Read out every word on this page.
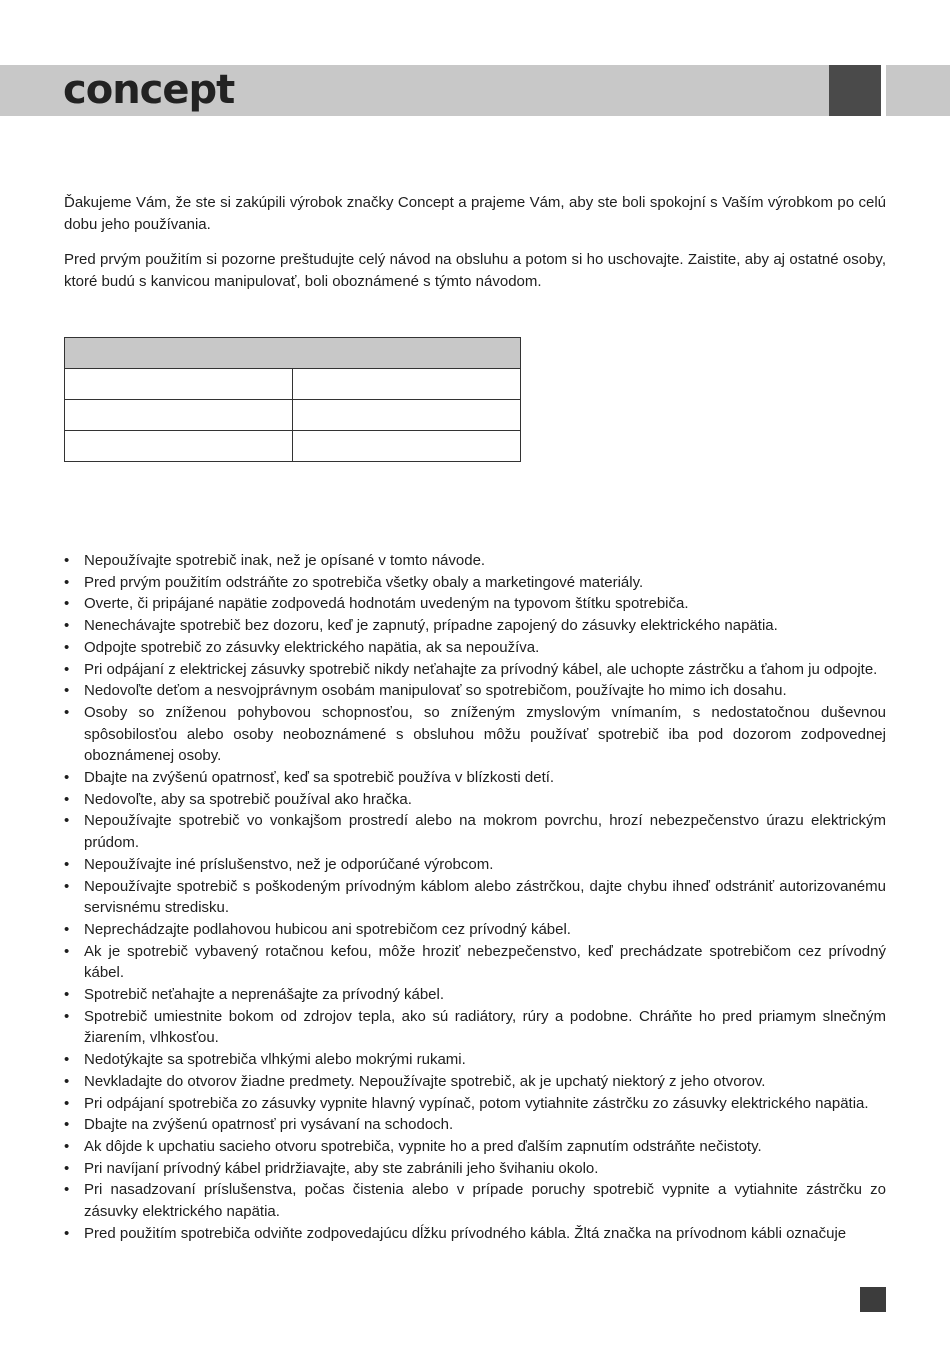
concept

Ďakujeme Vám, že ste si zakúpili výrobok značky Concept a prajeme Vám, aby ste boli spokojní s Vaším výrobkom po celú dobu jeho používania.

Pred prvým použitím si pozorne preštudujte celý návod na obsluhu a potom si ho uschovajte. Zaistite, aby aj ostatné osoby, ktoré budú s kanvicou manipulovať, boli oboznámené s týmto návodom.

• Nepoužívajte spotrebič inak, než je opísané v tomto návode.
• Pred prvým použitím odstráňte zo spotrebiča všetky obaly a marketingové materiály.
• Overte, či pripájané napätie zodpovedá hodnotám uvedeným na typovom štítku spotrebiča.
• Nenechávajte spotrebič bez dozoru, keď je zapnutý, prípadne zapojený do zásuvky elektrického napätia.
• Odpojte spotrebič zo zásuvky elektrického napätia, ak sa nepoužíva.
• Pri odpájaní z elektrickej zásuvky spotrebič nikdy neťahajte za prívodný kábel, ale uchopte zástrčku a ťahom ju odpojte.
• Nedovoľte deťom a nesvojprávnym osobám manipulovať so spotrebičom, používajte ho mimo ich dosahu.
• Osoby so zníženou pohybovou schopnosťou, so zníženým zmyslovým vnímaním, s nedostatočnou duševnou spôsobilosťou alebo osoby neoboznámené s obsluhou môžu používať spotrebič iba pod dozorom zodpovednej oboznámenej osoby.
• Dbajte na zvýšenú opatrnosť, keď sa spotrebič používa v blízkosti detí.
• Nedovoľte, aby sa spotrebič používal ako hračka.
• Nepoužívajte spotrebič vo vonkajšom prostredí alebo na mokrom povrchu, hrozí nebezpečenstvo úrazu elektrickým prúdom.
• Nepoužívajte iné príslušenstvo, než je odporúčané výrobcom.
• Nepoužívajte spotrebič s poškodeným prívodným káblom alebo zástrčkou, dajte chybu ihneď odstrániť autorizovanému servisnému stredisku.
• Neprechádzajte podlahovou hubicou ani spotrebičom cez prívodný kábel.
• Ak je spotrebič vybavený rotačnou kefou, môže hroziť nebezpečenstvo, keď prechádzate spotrebičom cez prívodný kábel.
• Spotrebič neťahajte a neprenášajte za prívodný kábel.
• Spotrebič umiestnite bokom od zdrojov tepla, ako sú radiátory, rúry a podobne. Chráňte ho pred priamym slnečným žiarením, vlhkosťou.
• Nedotýkajte sa spotrebiča vlhkými alebo mokrými rukami.
• Nevkladajte do otvorov žiadne predmety. Nepoužívajte spotrebič, ak je upchatý niektorý z jeho otvorov.
• Pri odpájaní spotrebiča zo zásuvky vypnite hlavný vypínač, potom vytiahnite zástrčku zo zásuvky elektrického napätia.
• Dbajte na zvýšenú opatrnosť pri vysávaní na schodoch.
• Ak dôjde k upchatiu sacieho otvoru spotrebiča, vypnite ho a pred ďalším zapnutím odstráňte nečistoty.
• Pri navíjaní prívodný kábel pridržiavajte, aby ste zabránili jeho švihaniu okolo.
• Pri nasadzovaní príslušenstva, počas čistenia alebo v prípade poruchy spotrebič vypnite a vytiahnite zástrčku zo zásuvky elektrického napätia.
• Pred použitím spotrebiča odviňte zodpovedajúcu dĺžku prívodného kábla. Žltá značka na prívodnom kábli označuje
